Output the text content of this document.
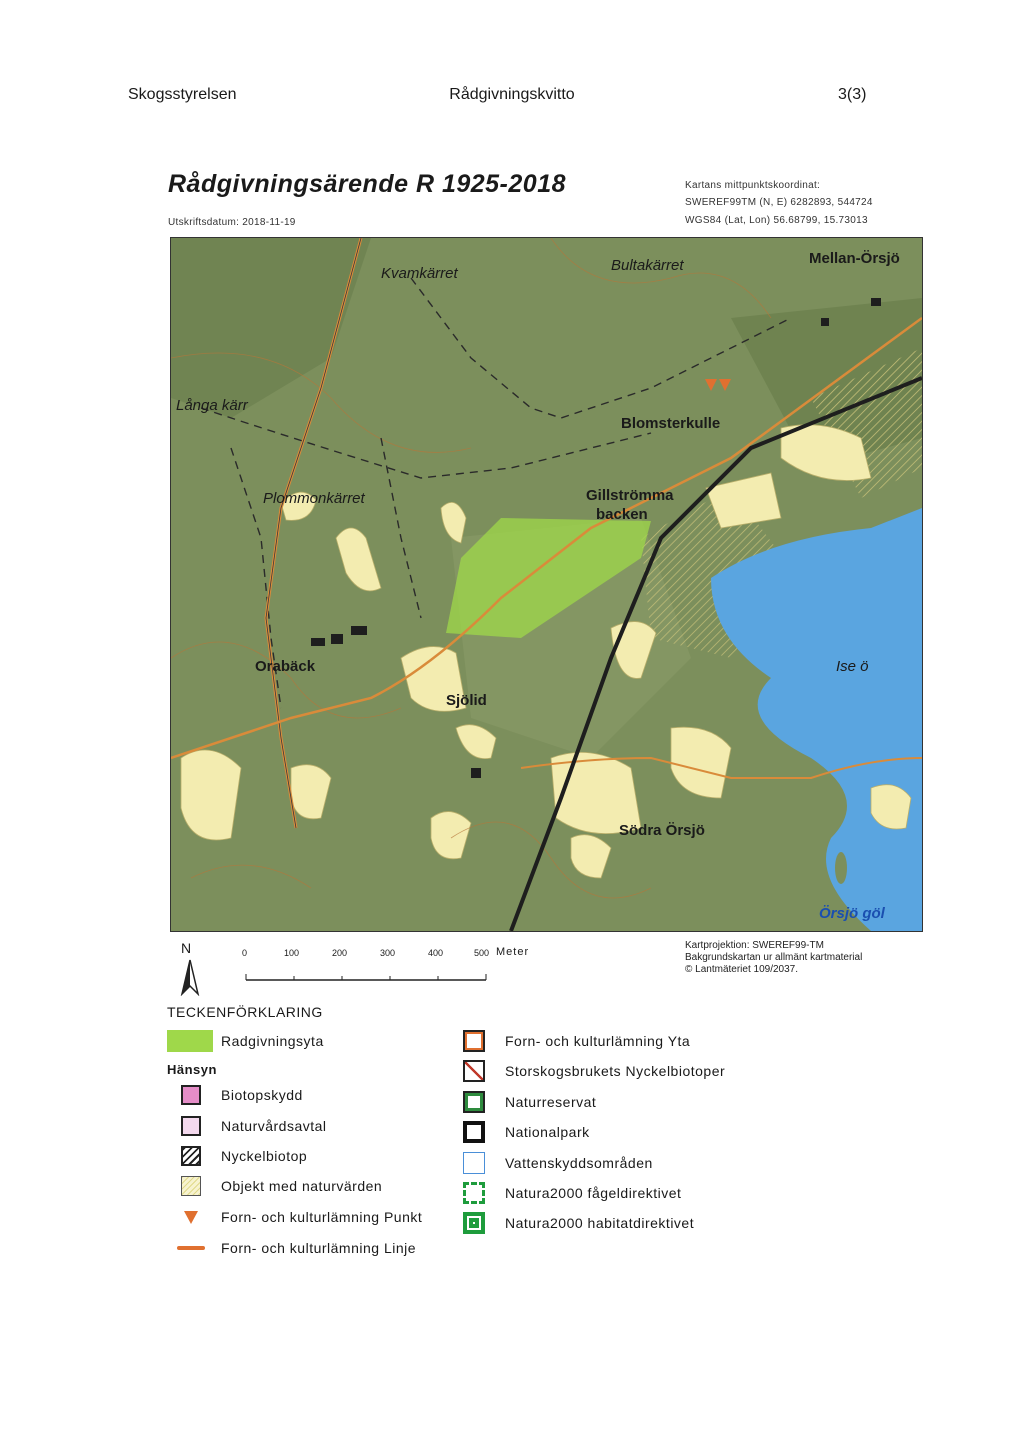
Skogsstyrelsen	Rådgivningskvitto	3(3)
Rådgivningsärende R 1925-2018
Utskriftsdatum: 2018-11-19
Kartans mittpunktskoordinat:
SWEREF99TM (N, E) 6282893, 544724
WGS84 (Lat, Lon) 56.68799, 15.73013
Kvamkärret	Bultakärret	Mellan-Örsjö
Långa kärr
Blomsterkulle
Gillströmma
backen
Plommonkärret
Orabäck
Sjölid
Ise ö
Södra Örsjö
Örsjö göl
N	0	100	200	300	400	500 Meter
Kartprojektion: SWEREF99-TM
Bakgrundskartan ur allmänt kartmaterial
© Lantmäteriet 109/2037.
TECKENFÖRKLARING
Radgivningsyta
Hänsyn
Biotopskydd
Naturvårdsavtal
Nyckelbiotop
Objekt med naturvärden
Forn- och kulturlämning Punkt
Forn- och kulturlämning Linje
Forn- och kulturlämning Yta
Storskogsbrukets Nyckelbiotoper
Naturreservat
Nationalpark
Vattenskyddsområden
Natura2000 fågeldirektivet
Natura2000 habitatdirektivet
